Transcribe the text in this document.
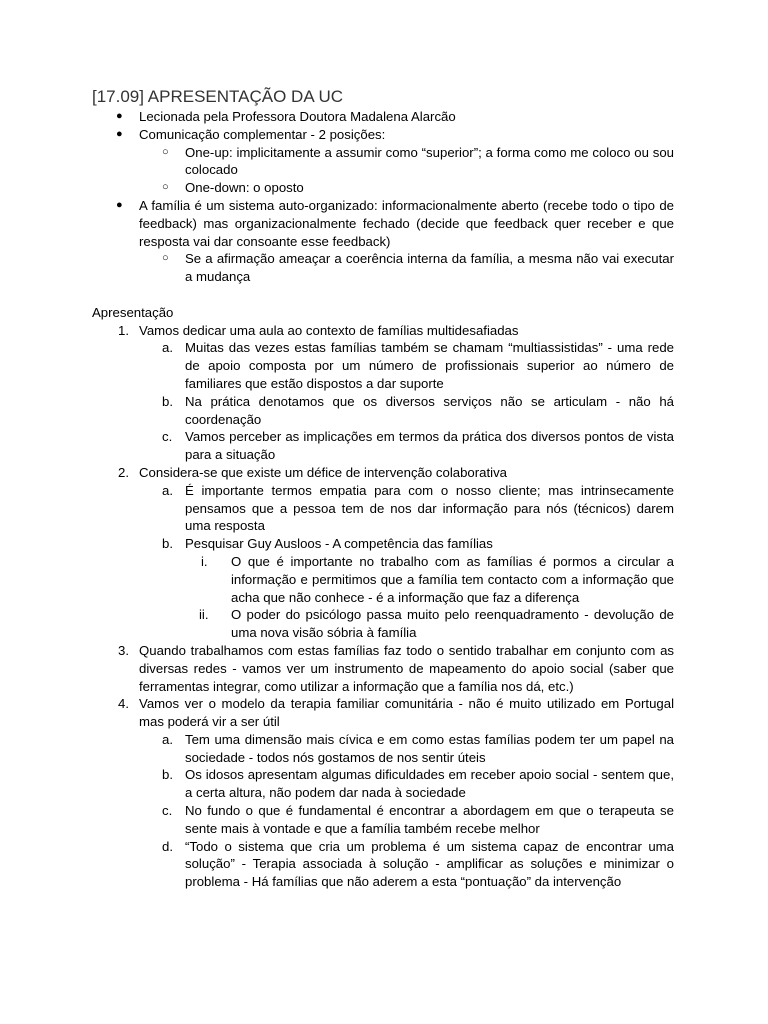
[17.09] APRESENTAÇÃO DA UC
● Lecionada pela Professora Doutora Madalena Alarcão
● Comunicação complementar - 2 posições:
○ One-up: implicitamente a assumir como “superior”; a forma como me coloco ou sou colocado
○ One-down: o oposto
● A família é um sistema auto-organizado: informacionalmente aberto (recebe todo o tipo de feedback) mas organizacionalmente fechado (decide que feedback quer receber e que resposta vai dar consoante esse feedback)
○ Se a afirmação ameaçar a coerência interna da família, a mesma não vai executar a mudança
Apresentação
1. Vamos dedicar uma aula ao contexto de famílias multidesafiadas
a. Muitas das vezes estas famílias também se chamam “multiassistidas” - uma rede de apoio composta por um número de profissionais superior ao número de familiares que estão dispostos a dar suporte
b. Na prática denotamos que os diversos serviços não se articulam - não há coordenação
c. Vamos perceber as implicações em termos da prática dos diversos pontos de vista para a situação
2. Considera-se que existe um défice de intervenção colaborativa
a. É importante termos empatia para com o nosso cliente; mas intrinsecamente pensamos que a pessoa tem de nos dar informação para nós (técnicos) darem uma resposta
b. Pesquisar Guy Ausloos - A competência das famílias
i.	O que é importante no trabalho com as famílias é pormos a circular a informação e permitimos que a família tem contacto com a informação que acha que não conhece - é a informação que faz a diferença
ii.	O poder do psicólogo passa muito pelo reenquadramento - devolução de uma nova visão sóbria à família
3. Quando trabalhamos com estas famílias faz todo o sentido trabalhar em conjunto com as diversas redes - vamos ver um instrumento de mapeamento do apoio social (saber que ferramentas integrar, como utilizar a informação que a família nos dá, etc.)
4. Vamos ver o modelo da terapia familiar comunitária - não é muito utilizado em Portugal mas poderá vir a ser útil
a. Tem uma dimensão mais cívica e em como estas famílias podem ter um papel na sociedade - todos nós gostamos de nos sentir úteis
b. Os idosos apresentam algumas dificuldades em receber apoio social - sentem que, a certa altura, não podem dar nada à sociedade
c. No fundo o que é fundamental é encontrar a abordagem em que o terapeuta se sente mais à vontade e que a família também recebe melhor
d. “Todo o sistema que cria um problema é um sistema capaz de encontrar uma solução” - Terapia associada à solução - amplificar as soluções e minimizar o problema - Há famílias que não aderem a esta “pontuação” da intervenção
